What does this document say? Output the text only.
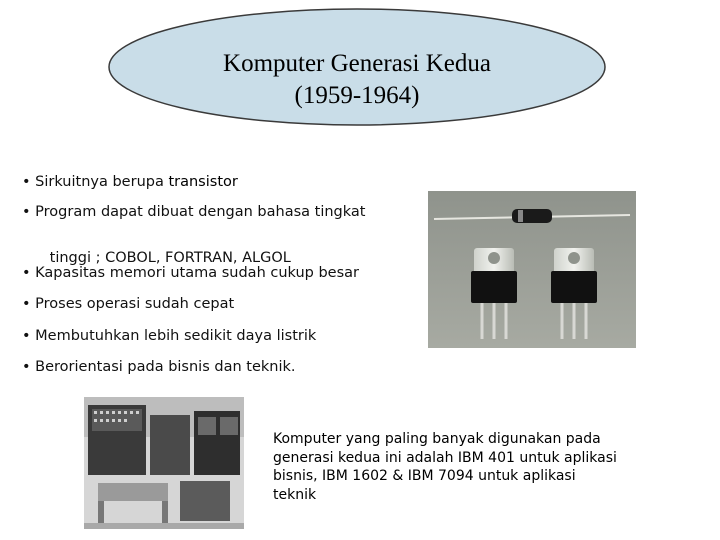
Komputer Generasi Kedua
(1959-1964)
• Sirkuitnya berupa transistor
• Program dapat dibuat dengan bahasa tingkat

tinggi ; COBOL, FORTRAN, ALGOL

• Kapasitas memori utama sudah cukup besar
• Proses operasi sudah cepat
• Membutuhkan lebih sedikit daya listrik
• Berorientasi pada bisnis dan teknik.
Komputer yang paling banyak digunakan pada
generasi kedua ini adalah IBM 401 untuk aplikasi
bisnis, IBM 1602 & IBM 7094 untuk aplikasi
teknik
